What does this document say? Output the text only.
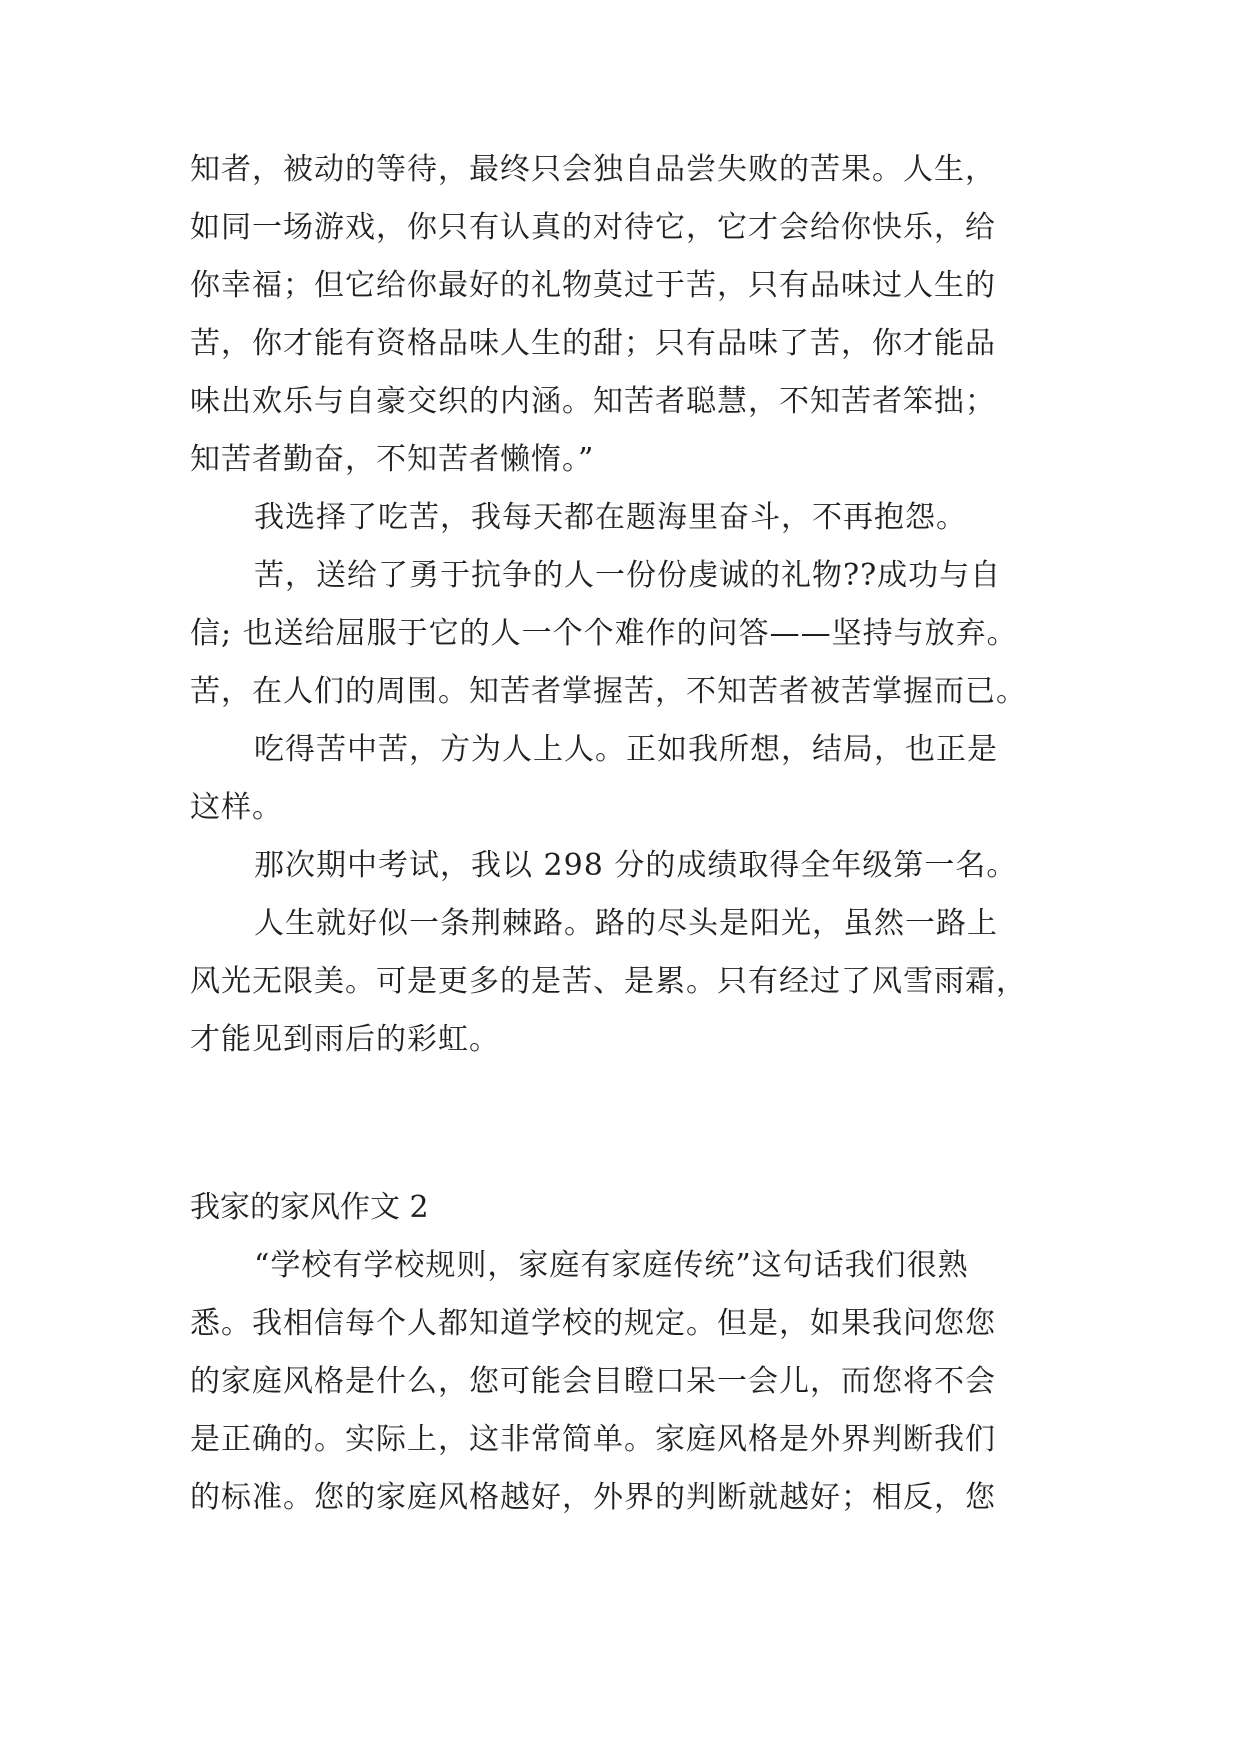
知者，被动的等待，最终只会独自品尝失败的苦果。人生，
如同一场游戏，你只有认真的对待它，它才会给你快乐，给
你幸福；但它给你最好的礼物莫过于苦，只有品味过人生的
苦，你才能有资格品味人生的甜；只有品味了苦，你才能品
味出欢乐与自豪交织的内涵。知苦者聪慧，不知苦者笨拙；
知苦者勤奋，不知苦者懒惰。”
我选择了吃苦，我每天都在题海里奋斗，不再抱怨。
苦，送给了勇于抗争的人一份份虔诚的礼物??成功与自
信; 也送给屈服于它的人一个个难作的问答——坚持与放弃。
苦，在人们的周围。知苦者掌握苦，不知苦者被苦掌握而已。
吃得苦中苦，方为人上人。正如我所想，结局，也正是
这样。
那次期中考试，我以 298 分的成绩取得全年级第一名。
人生就好似一条荆棘路。路的尽头是阳光，虽然一路上
风光无限美。可是更多的是苦、是累。只有经过了风雪雨霜，
才能见到雨后的彩虹。
我家的家风作文 2
“学校有学校规则，家庭有家庭传统”这句话我们很熟
悉。我相信每个人都知道学校的规定。但是，如果我问您您
的家庭风格是什么，您可能会目瞪口呆一会儿，而您将不会
是正确的。实际上，这非常简单。家庭风格是外界判断我们
的标准。您的家庭风格越好，外界的判断就越好；相反，您
